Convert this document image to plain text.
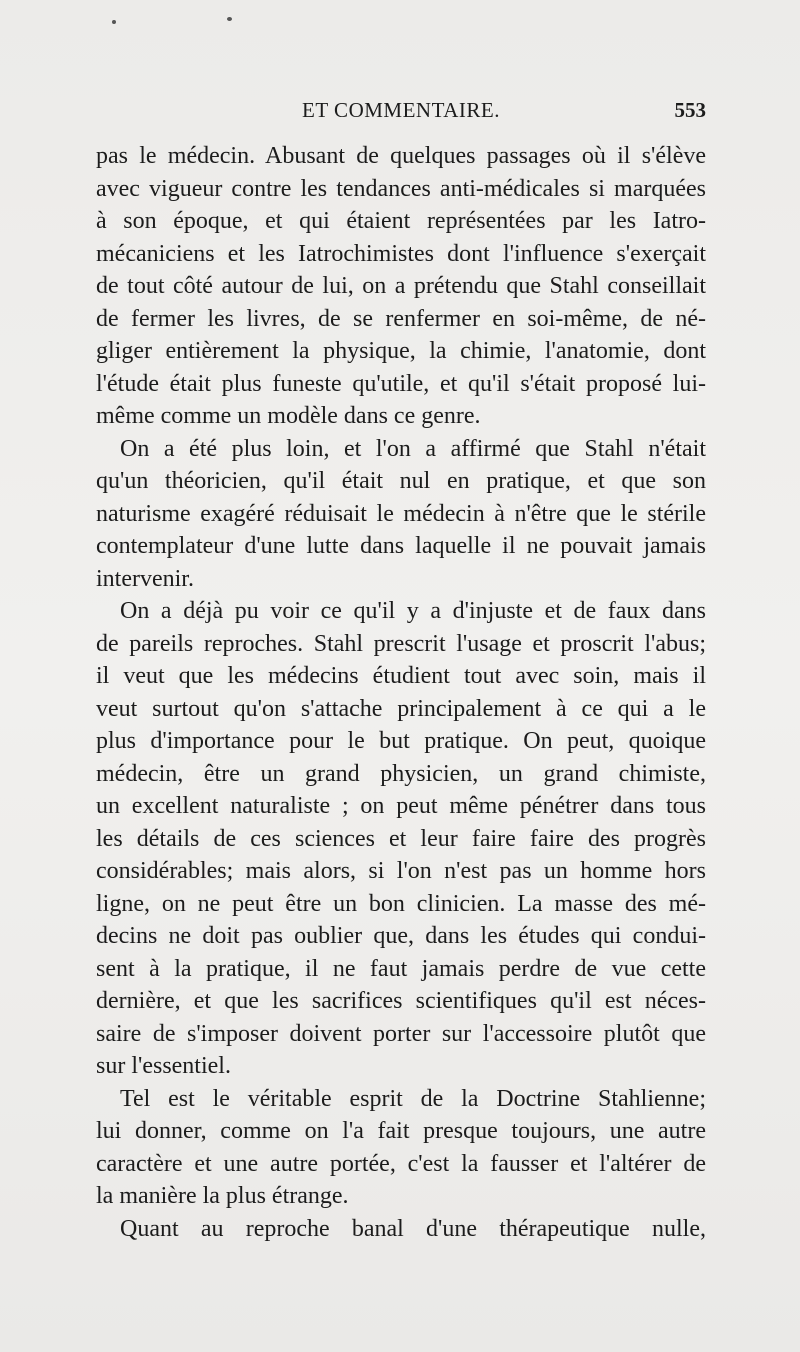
ET COMMENTAIRE.	553
pas le médecin. Abusant de quelques passages où il s'élève
avec vigueur contre les tendances anti-médicales si marquées
à son époque, et qui étaient représentées par les Iatro-
mécaniciens et les Iatrochimistes dont l'influence s'exerçait
de tout côté autour de lui, on a prétendu que Stahl conseillait
de fermer les livres, de se renfermer en soi-même, de né-
gliger entièrement la physique, la chimie, l'anatomie, dont
l'étude était plus funeste qu'utile, et qu'il s'était proposé lui-
même comme un modèle dans ce genre.
On a été plus loin, et l'on a affirmé que Stahl n'était
qu'un théoricien, qu'il était nul en pratique, et que son
naturisme exagéré réduisait le médecin à n'être que le stérile
contemplateur d'une lutte dans laquelle il ne pouvait jamais
intervenir.
On a déjà pu voir ce qu'il y a d'injuste et de faux dans
de pareils reproches. Stahl prescrit l'usage et proscrit l'abus;
il veut que les médecins étudient tout avec soin, mais il
veut surtout qu'on s'attache principalement à ce qui a le
plus d'importance pour le but pratique. On peut, quoique
médecin, être un grand physicien, un grand chimiste,
un excellent naturaliste ; on peut même pénétrer dans tous
les détails de ces sciences et leur faire faire des progrès
considérables; mais alors, si l'on n'est pas un homme hors
ligne, on ne peut être un bon clinicien. La masse des mé-
decins ne doit pas oublier que, dans les études qui condui-
sent à la pratique, il ne faut jamais perdre de vue cette
dernière, et que les sacrifices scientifiques qu'il est néces-
saire de s'imposer doivent porter sur l'accessoire plutôt que
sur l'essentiel.
Tel est le véritable esprit de la Doctrine Stahlienne;
lui donner, comme on l'a fait presque toujours, une autre
caractère et une autre portée, c'est la fausser et l'altérer de
la manière la plus étrange.
Quant au reproche banal d'une thérapeutique nulle,
